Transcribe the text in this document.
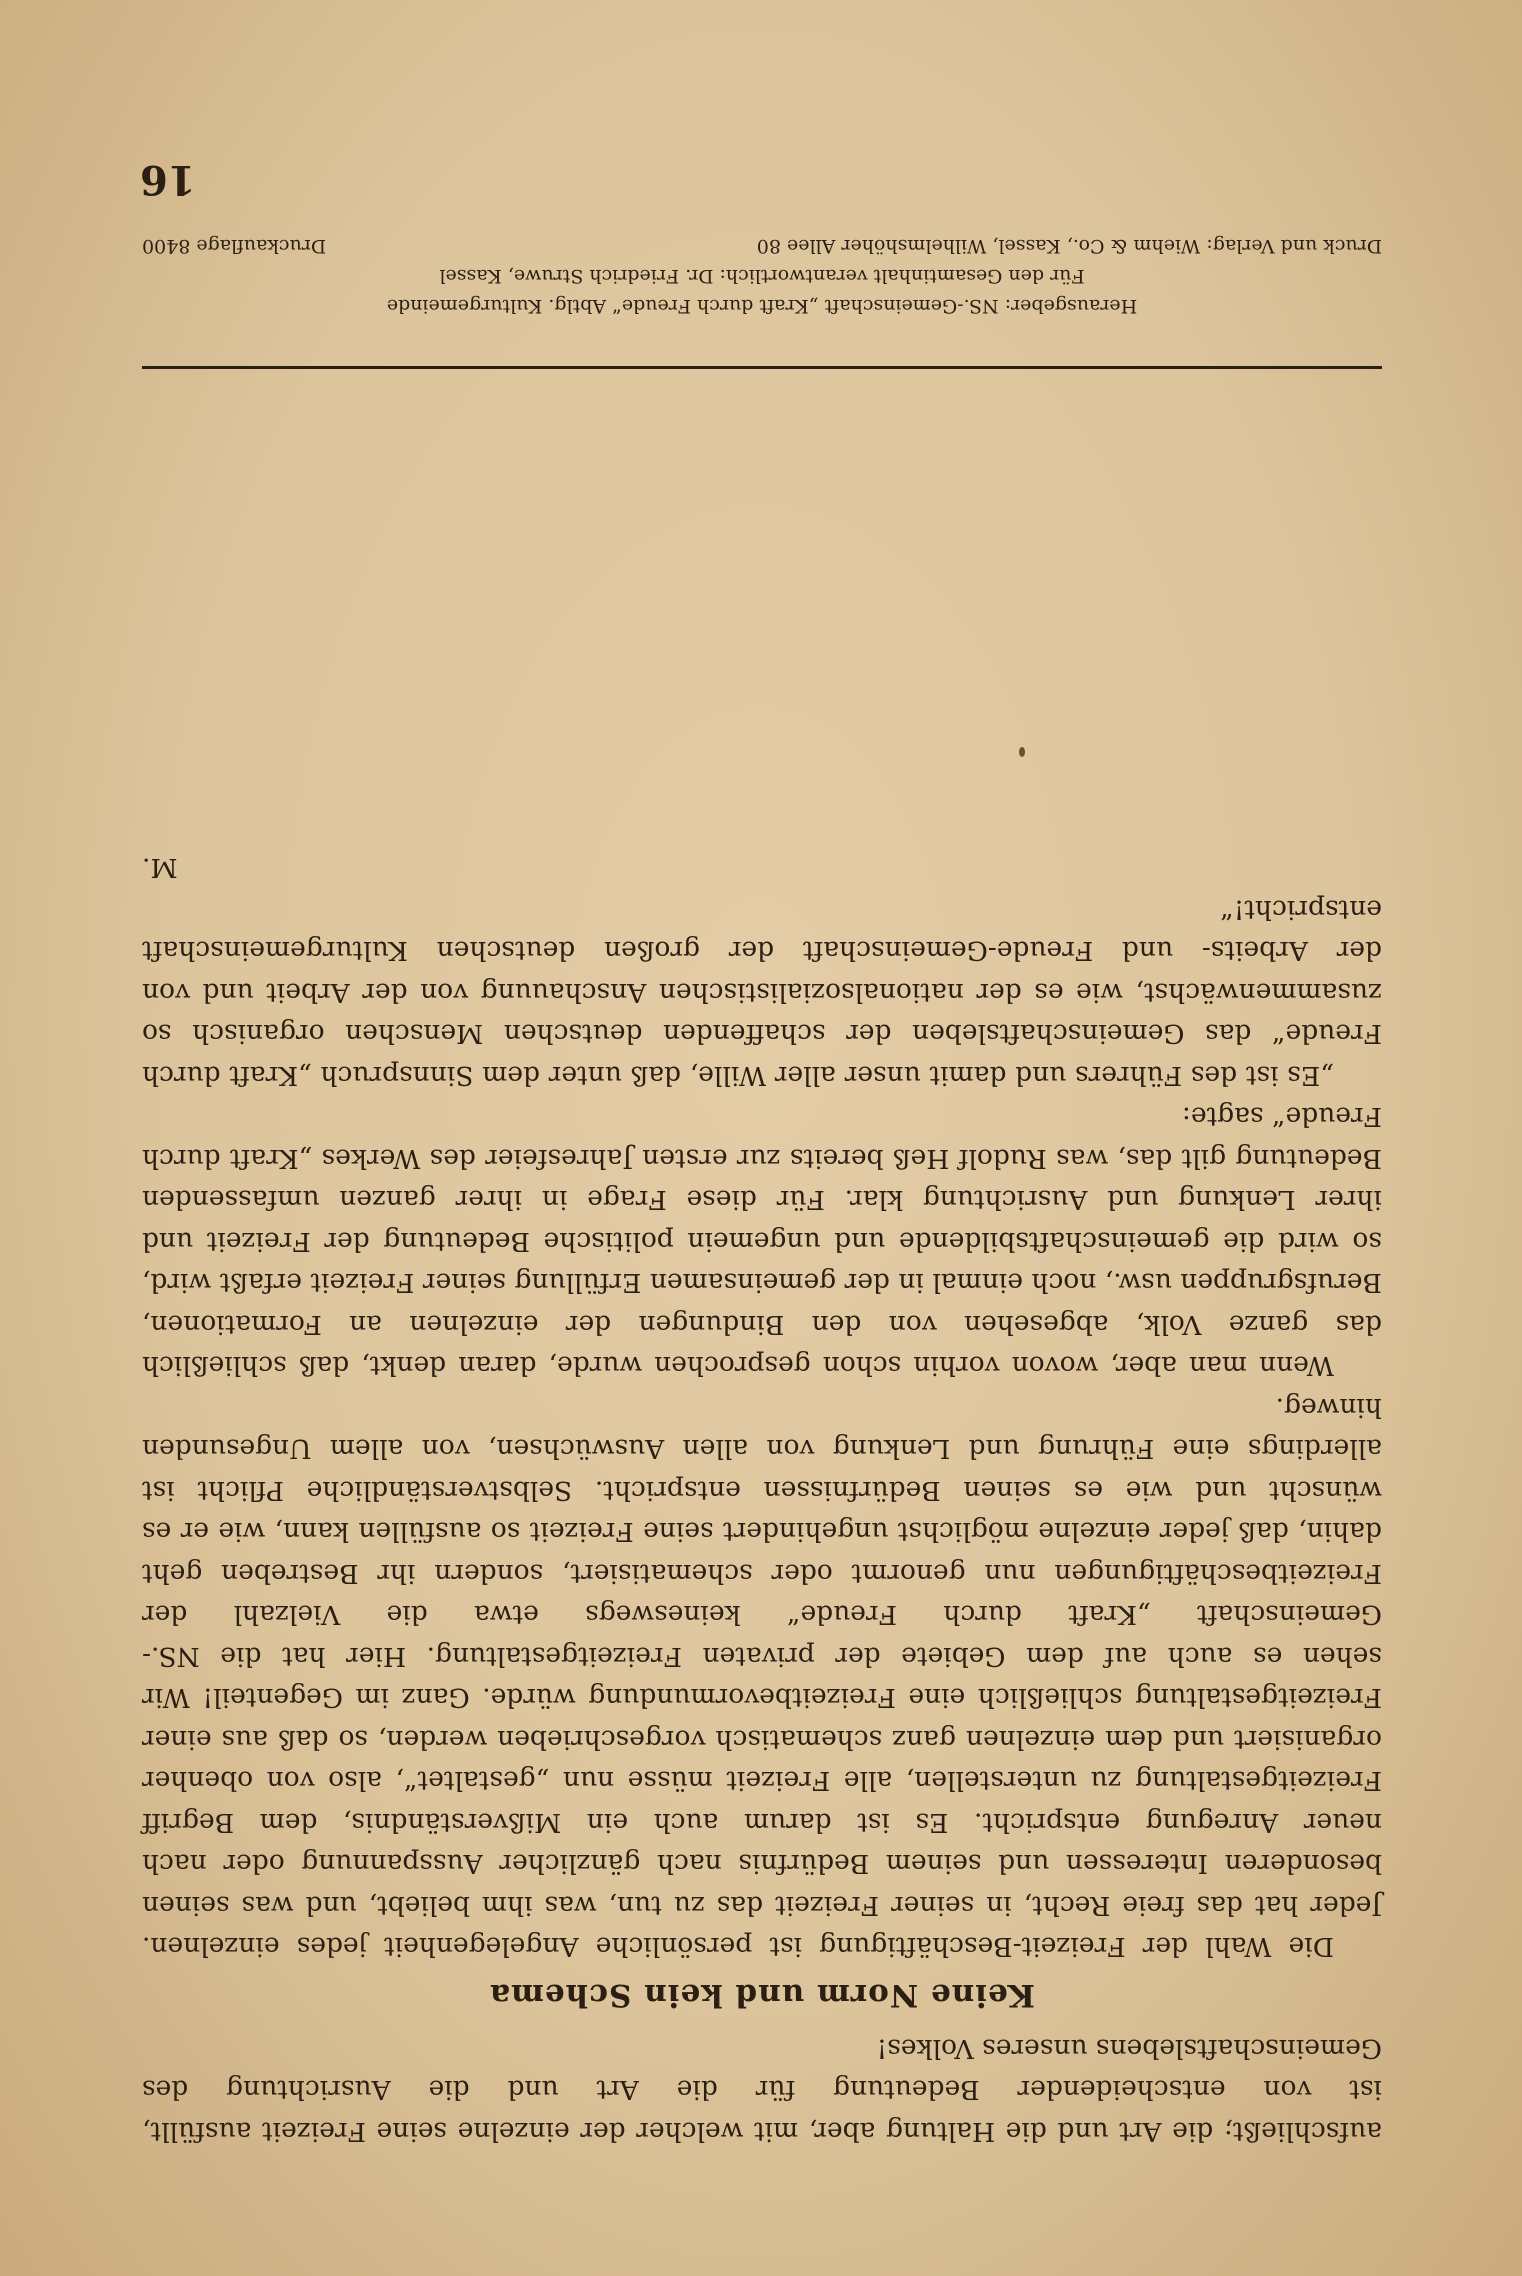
aufschließt; die Art und die Haltung aber, mit welcher der einzelne seine Freizeit ausfüllt, ist von entscheidender Bedeutung für die Art und die Ausrichtung des Gemeinschaftslebens unseres Volkes!

Keine Norm und kein Schema

Die Wahl der Freizeit-Beschäftigung ist persönliche Angelegenheit jedes einzelnen. Jeder hat das freie Recht, in seiner Freizeit das zu tun, was ihm beliebt, und was seinen besonderen Interessen und seinem Bedürfnis nach gänzlicher Ausspannung oder nach neuer Anregung entspricht. Es ist darum auch ein Mißverständnis, dem Begriff Freizeitgestaltung zu unterstellen, alle Freizeit müsse nun „gestaltet“, also von obenher organisiert und dem einzelnen ganz schematisch vorgeschrieben werden, so daß aus einer Freizeitgestaltung schließlich eine Freizeitbevormundung würde. Ganz im Gegenteil! Wir sehen es auch auf dem Gebiete der privaten Freizeitgestaltung. Hier hat die NS.-Gemeinschaft „Kraft durch Freude“ keineswegs etwa die Vielzahl der Freizeitbeschäftigungen nun genormt oder schematisiert, sondern ihr Bestreben geht dahin, daß jeder einzelne möglichst ungehindert seine Freizeit so ausfüllen kann, wie er es wünscht und wie es seinen Bedürfnissen entspricht. Selbstverständliche Pflicht ist allerdings eine Führung und Lenkung von allen Auswüchsen, von allem Ungesunden hinweg.

Wenn man aber, wovon vorhin schon gesprochen wurde, daran denkt, daß schließlich das ganze Volk, abgesehen von den Bindungen der einzelnen an Formationen, Berufsgruppen usw., noch einmal in der gemeinsamen Erfüllung seiner Freizeit erfaßt wird, so wird die gemeinschaftsbildende und ungemein politische Bedeutung der Freizeit und ihrer Lenkung und Ausrichtung klar. Für diese Frage in ihrer ganzen umfassenden Bedeutung gilt das, was Rudolf Heß bereits zur ersten Jahresfeier des Werkes „Kraft durch Freude“ sagte:

„Es ist des Führers und damit unser aller Wille, daß unter dem Sinnspruch „Kraft durch Freude“ das Gemeinschaftsleben der schaffenden deutschen Menschen organisch so zusammenwächst, wie es der nationalsozialistischen Anschauung von der Arbeit und von der Arbeits- und Freude-Gemeinschaft der großen deutschen Kulturgemeinschaft entspricht!“

M.

Herausgeber: NS.-Gemeinschaft „Kraft durch Freude“ Abtlg. Kulturgemeinde
Für den Gesamtinhalt verantwortlich: Dr. Friedrich Struwe, Kassel
Druck und Verlag: Wiehm & Co., Kassel, Wilhelmshöher Allee 80
Druckauflage 8400
16
